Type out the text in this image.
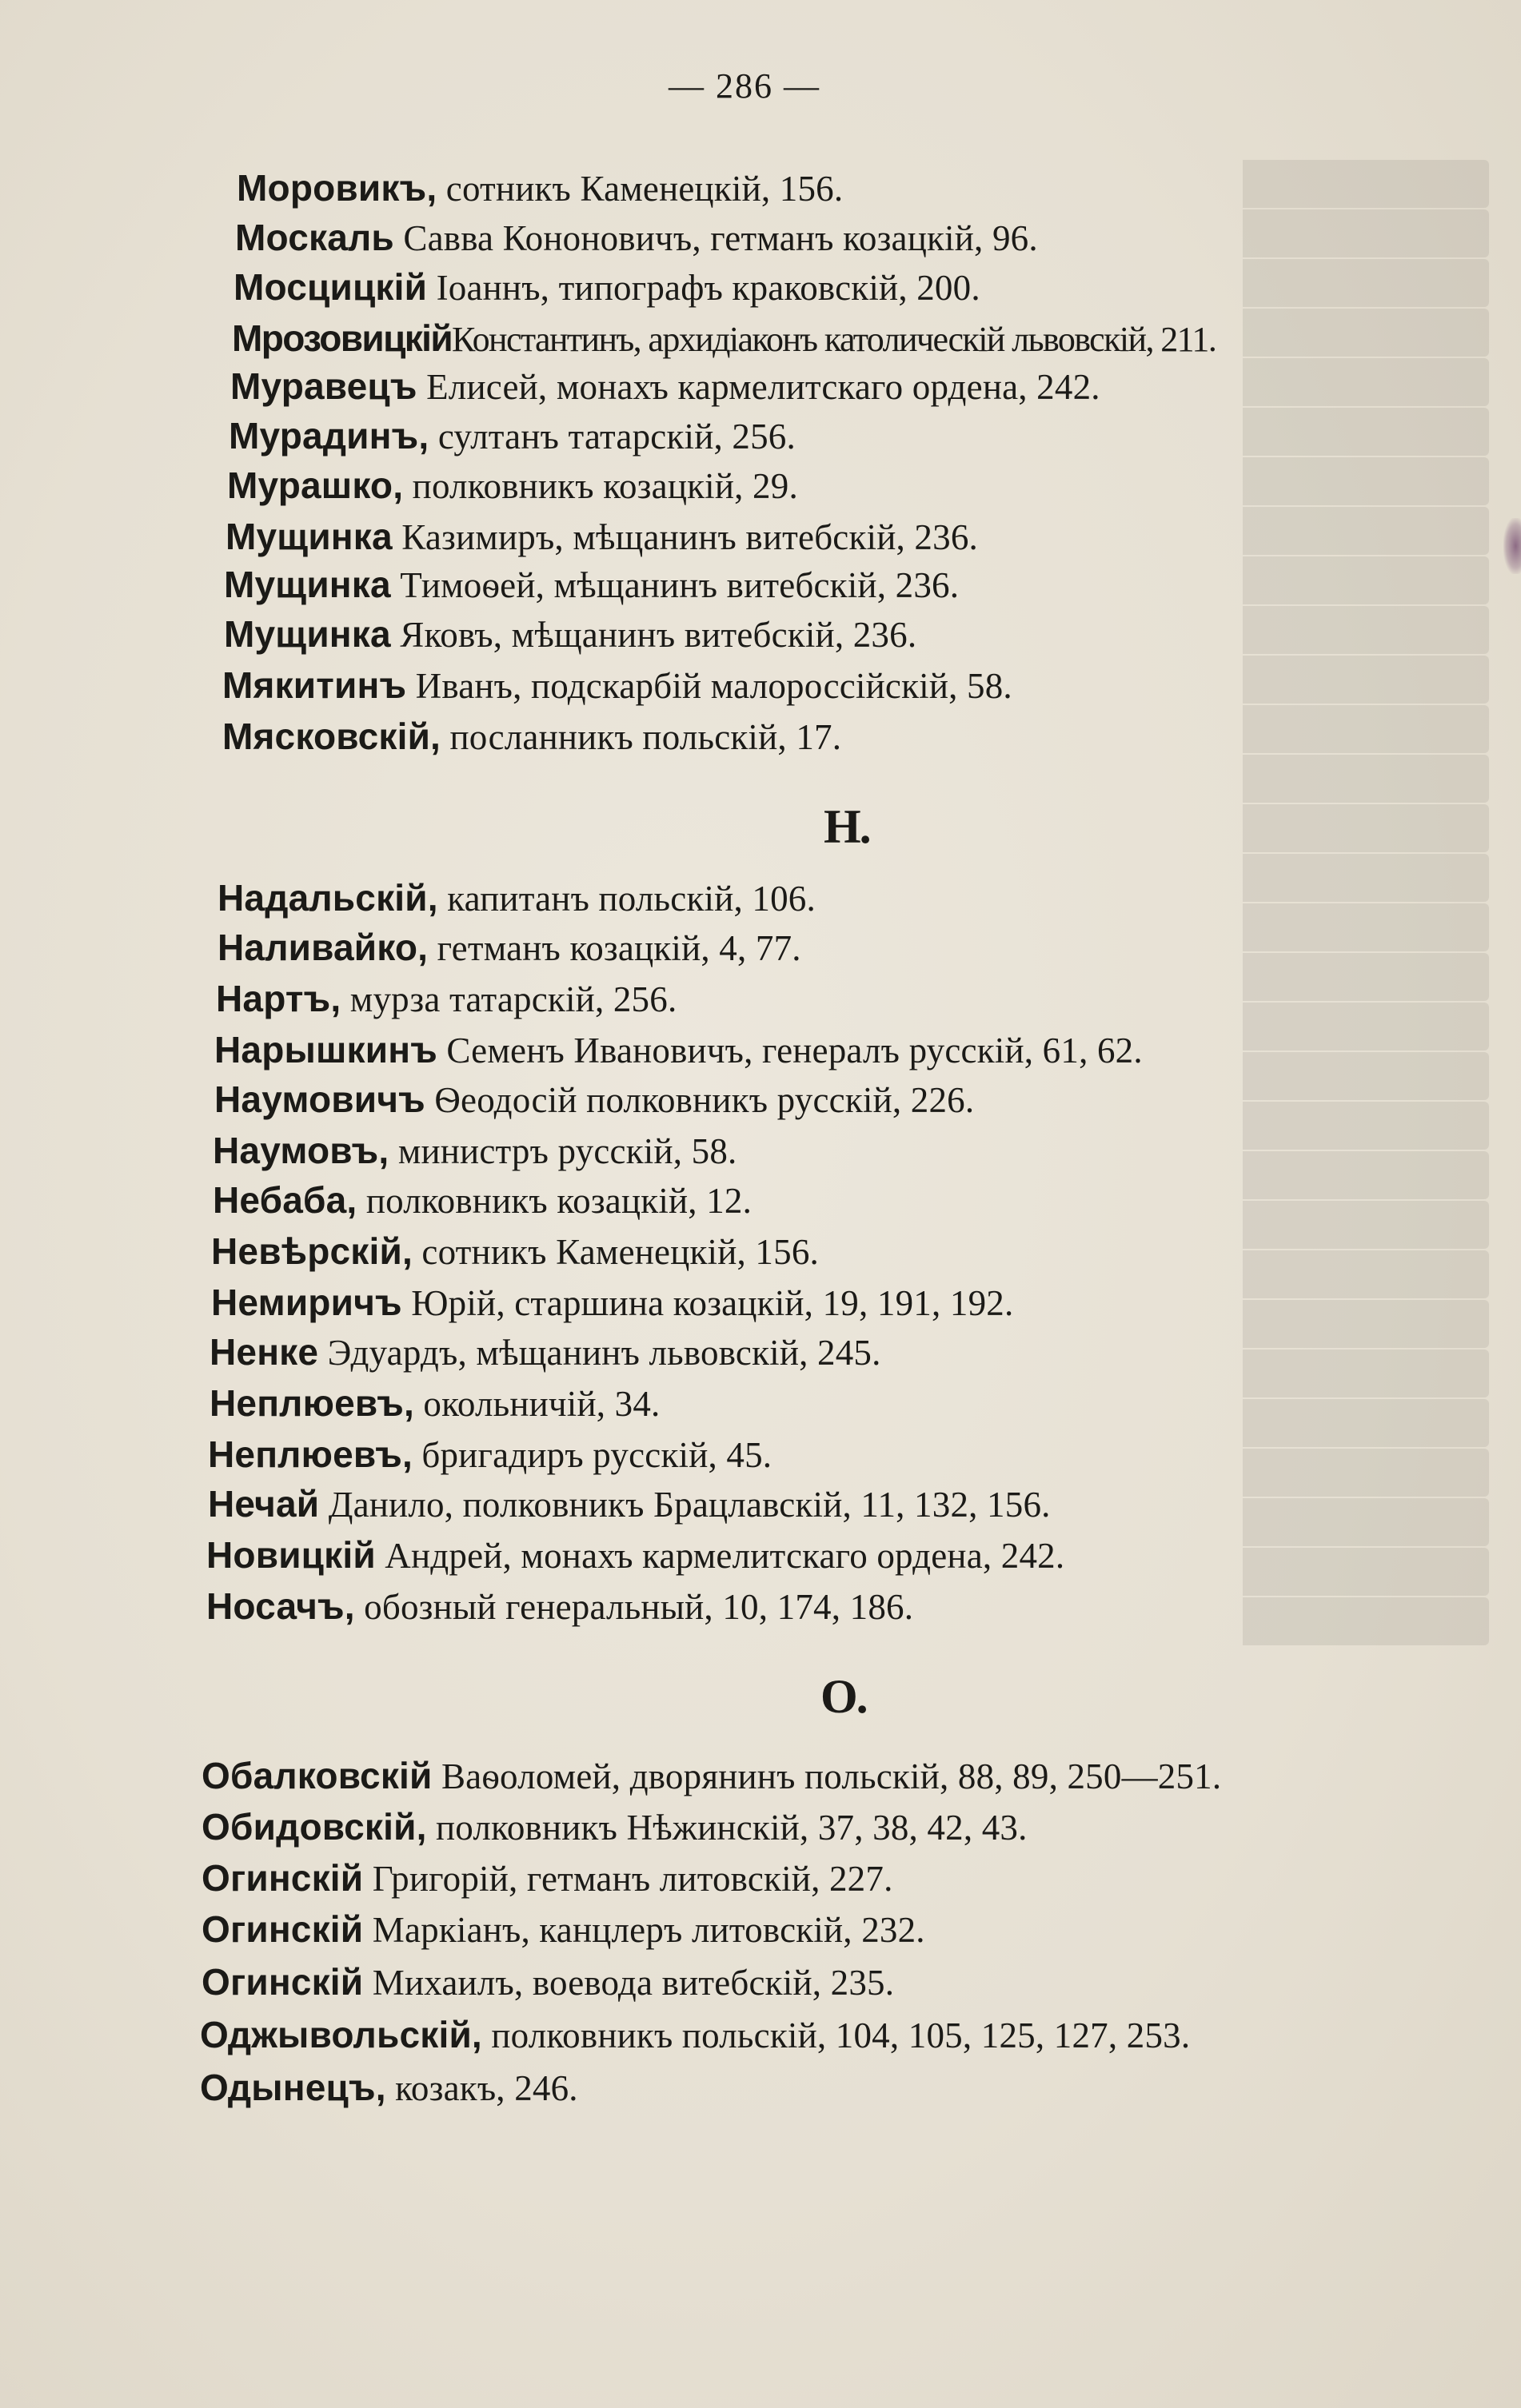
— 286 —
Моровикъ, сотникъ Каменецкій, 156.
Москаль Савва Кононовичъ, гетманъ козацкій, 96.
Мосцицкій Іоаннъ, типографъ краковскій, 200.
МрозовицкійКонстантинъ, архидіаконъ католическій львовскій, 211.
Муравецъ Елисей, монахъ кармелитскаго ордена, 242.
Мурадинъ, султанъ татарскій, 256.
Мурашко, полковникъ козацкій, 29.
Мущинка Казимиръ, мѣщанинъ витебскій, 236.
Мущинка Тимоѳей, мѣщанинъ витебскій, 236.
Мущинка Яковъ, мѣщанинъ витебскій, 236.
Мякитинъ Иванъ, подскарбій малороссійскій, 58.
Мясковскій, посланникъ польскій, 17.
Н.
Надальскій, капитанъ польскій, 106.
Наливайко, гетманъ козацкій, 4, 77.
Нартъ, мурза татарскій, 256.
Нарышкинъ Семенъ Ивановичъ, генералъ русскій, 61, 62.
Наумовичъ Ѳеодосій полковникъ русскій, 226.
Наумовъ, министръ русскій, 58.
Небаба, полковникъ козацкій, 12.
Невѣрскій, сотникъ Каменецкій, 156.
Немиричъ Юрій, старшина козацкій, 19, 191, 192.
Ненке Эдуардъ, мѣщанинъ львовскій, 245.
Неплюевъ, окольничій, 34.
Неплюевъ, бригадиръ русскій, 45.
Нечай Данило, полковникъ Брацлавскій, 11, 132, 156.
Новицкій Андрей, монахъ кармелитскаго ордена, 242.
Носачъ, обозный генеральный, 10, 174, 186.
О.
Обалковскій Ваѳоломей, дворянинъ польскій, 88, 89, 250—251.
Обидовскій, полковникъ Нѣжинскій, 37, 38, 42, 43.
Огинскій Григорій, гетманъ литовскій, 227.
Огинскій Маркіанъ, канцлеръ литовскій, 232.
Огинскій Михаилъ, воевода витебскій, 235.
Оджывольскій, полковникъ польскій, 104, 105, 125, 127, 253.
Одынецъ, козакъ, 246.
